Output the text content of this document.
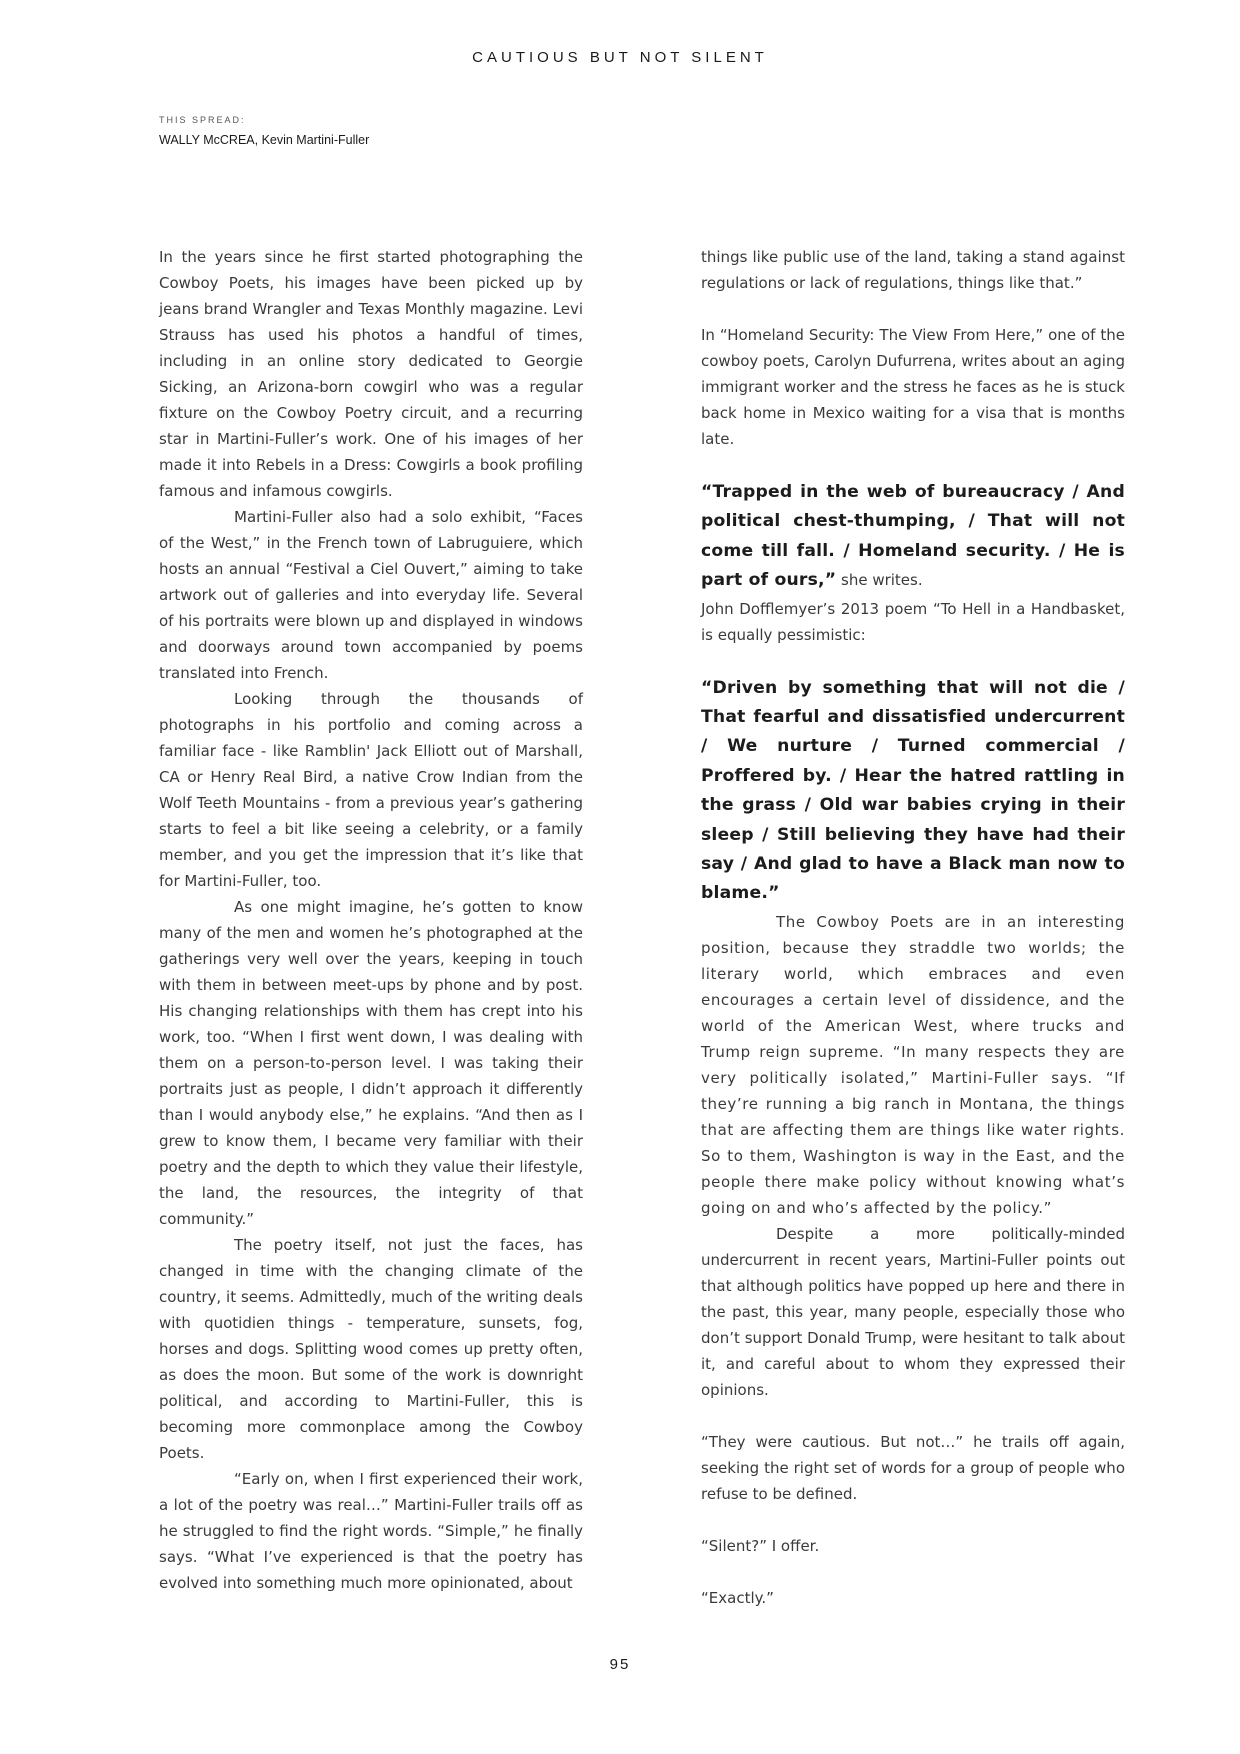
CAUTIOUS BUT NOT SILENT
THIS SPREAD:
WALLY McCREA, Kevin Martini-Fuller

In the years since he first started photographing the Cowboy Poets, his images have been picked up by jeans brand Wrangler and Texas Monthly magazine. Levi Strauss has used his photos a handful of times, including in an online story dedicated to Georgie Sicking, an Arizona-born cowgirl who was a regular fixture on the Cowboy Poetry circuit, and a recurring star in Martini-Fuller’s work. One of his images of her made it into Rebels in a Dress: Cowgirls a book profiling famous and infamous cowgirls.

Martini-Fuller also had a solo exhibit, “Faces of the West,” in the French town of Labruguiere, which hosts an annual “Festival a Ciel Ouvert,” aiming to take artwork out of galleries and into everyday life. Several of his portraits were blown up and displayed in windows and doorways around town accompanied by poems translated into French.

Looking through the thousands of photographs in his portfolio and coming across a familiar face - like Ramblin' Jack Elliott out of Marshall, CA or Henry Real Bird, a native Crow Indian from the Wolf Teeth Mountains - from a previous year’s gathering starts to feel a bit like seeing a celebrity, or a family member, and you get the impression that it’s like that for Martini-Fuller, too.

As one might imagine, he’s gotten to know many of the men and women he’s photographed at the gatherings very well over the years, keeping in touch with them in between meet-ups by phone and by post. His changing relationships with them has crept into his work, too. “When I first went down, I was dealing with them on a person-to-person level. I was taking their portraits just as people, I didn’t approach it differently than I would anybody else,” he explains. “And then as I grew to know them, I became very familiar with their poetry and the depth to which they value their lifestyle, the land, the resources, the integrity of that community.”

The poetry itself, not just the faces, has changed in time with the changing climate of the country, it seems. Admittedly, much of the writing deals with quotidien things - temperature, sunsets, fog, horses and dogs. Splitting wood comes up pretty often, as does the moon. But some of the work is downright political, and according to Martini-Fuller, this is becoming more commonplace among the Cowboy Poets.

“Early on, when I first experienced their work, a lot of the poetry was real…” Martini-Fuller trails off as he struggled to find the right words. “Simple,” he finally says. “What I’ve experienced is that the poetry has evolved into something much more opinionated, about

things like public use of the land, taking a stand against regulations or lack of regulations, things like that.”

In “Homeland Security: The View From Here,” one of the cowboy poets, Carolyn Dufurrena, writes about an aging immigrant worker and the stress he faces as he is stuck back home in Mexico waiting for a visa that is months late.

“Trapped in the web of bureaucracy / And political chest-thumping, / That will not come till fall. / Homeland security. / He is part of ours,” she writes.

John Dofflemyer’s 2013 poem “To Hell in a Handbasket, is equally pessimistic:

“Driven by something that will not die / That fearful and dissatisfied undercurrent / We nurture / Turned commercial / Proffered by. / Hear the hatred rattling in the grass / Old war babies crying in their sleep / Still believing they have had their say / And glad to have a Black man now to blame.”

The Cowboy Poets are in an interesting position, because they straddle two worlds; the literary world, which embraces and even encourages a certain level of dissidence, and the world of the American West, where trucks and Trump reign supreme. “In many respects they are very politically isolated,” Martini-Fuller says. “If they’re running a big ranch in Montana, the things that are affecting them are things like water rights. So to them, Washington is way in the East, and the people there make policy without knowing what’s going on and who’s affected by the policy.”

Despite a more politically-minded undercurrent in recent years, Martini-Fuller points out that although politics have popped up here and there in the past, this year, many people, especially those who don’t support Donald Trump, were hesitant to talk about it, and careful about to whom they expressed their opinions.

“They were cautious. But not…” he trails off again, seeking the right set of words for a group of people who refuse to be defined.

“Silent?” I offer.

“Exactly.”

95
